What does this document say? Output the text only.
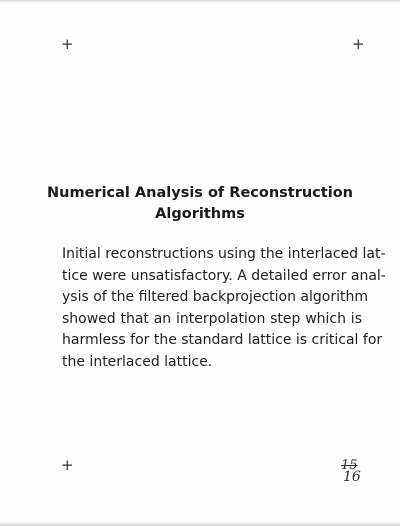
+	+
+
Numerical Analysis of Reconstruction
Algorithms
Initial reconstructions using the interlaced lat-
tice were unsatisfactory. A detailed error anal-
ysis of the filtered backprojection algorithm
showed that an interpolation step which is
harmless for the standard lattice is critical for
the interlaced lattice.
15
16
